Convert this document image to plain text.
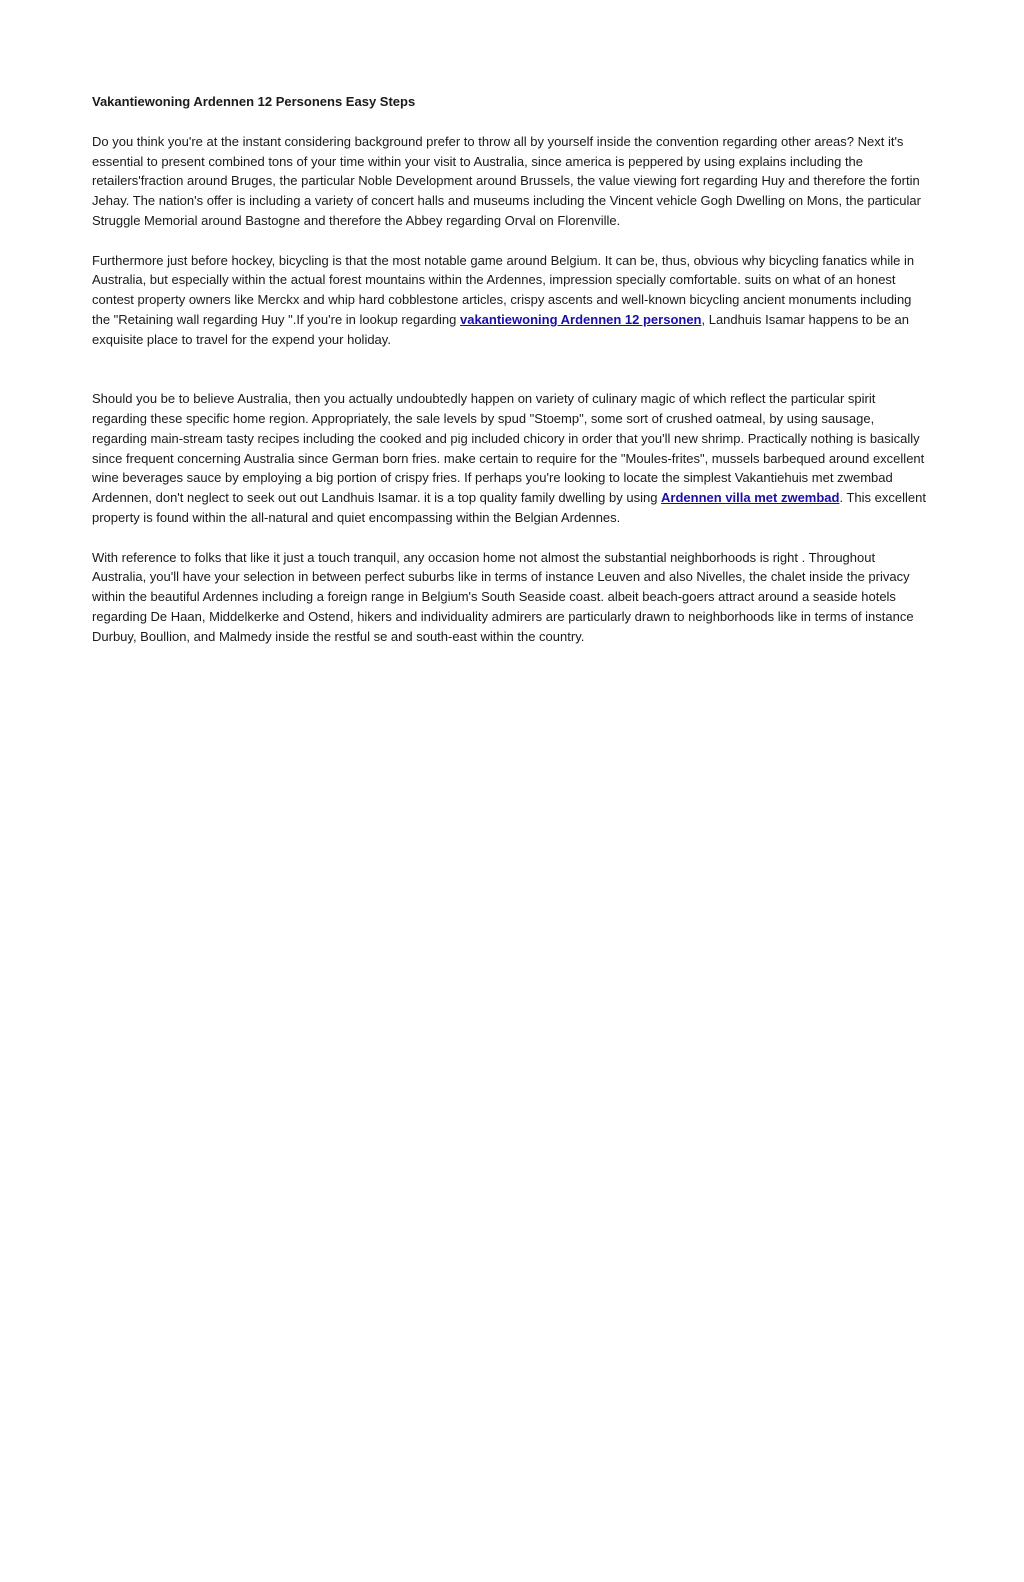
Vakantiewoning Ardennen 12 Personens Easy Steps

Do you think you're at the instant considering background prefer to throw all by yourself inside the convention regarding other areas? Next it's essential to present combined tons of your time within your visit to Australia, since america is peppered by using explains including the retailers'fraction around Bruges, the particular Noble Development around Brussels, the value viewing fort regarding Huy and therefore the fortin Jehay. The nation's offer is including a variety of concert halls and museums including the Vincent vehicle Gogh Dwelling on Mons, the particular Struggle Memorial around Bastogne and therefore the Abbey regarding Orval on Florenville.

Furthermore just before hockey, bicycling is that the most notable game around Belgium. It can be, thus, obvious why bicycling fanatics while in Australia, but especially within the actual forest mountains within the Ardennes, impression specially comfortable. suits on what of an honest contest property owners like Merckx and whip hard cobblestone articles, crispy ascents and well-known bicycling ancient monuments including the "Retaining wall regarding Huy ".If you're in lookup regarding vakantiewoning Ardennen 12 personen, Landhuis Isamar happens to be an exquisite place to travel for the expend your holiday.

Should you be to believe Australia, then you actually undoubtedly happen on variety of culinary magic of which reflect the particular spirit regarding these specific home region. Appropriately, the sale levels by spud "Stoemp", some sort of crushed oatmeal, by using sausage, regarding main-stream tasty recipes including the cooked and pig included chicory in order that you'll new shrimp. Practically nothing is basically since frequent concerning Australia since German born fries. make certain to require for the "Moules-frites", mussels barbequed around excellent wine beverages sauce by employing a big portion of crispy fries. If perhaps you're looking to locate the simplest Vakantiehuis met zwembad Ardennen, don't neglect to seek out out Landhuis Isamar. it is a top quality family dwelling by using Ardennen villa met zwembad. This excellent property is found within the all-natural and quiet encompassing within the Belgian Ardennes.

With reference to folks that like it just a touch tranquil, any occasion home not almost the substantial neighborhoods is right . Throughout Australia, you'll have your selection in between perfect suburbs like in terms of instance Leuven and also Nivelles, the chalet inside the privacy within the beautiful Ardennes including a foreign range in Belgium's South Seaside coast. albeit beach-goers attract around a seaside hotels regarding De Haan, Middelkerke and Ostend, hikers and individuality admirers are particularly drawn to neighborhoods like in terms of instance Durbuy, Boullion, and Malmedy inside the restful se and south-east within the country.
